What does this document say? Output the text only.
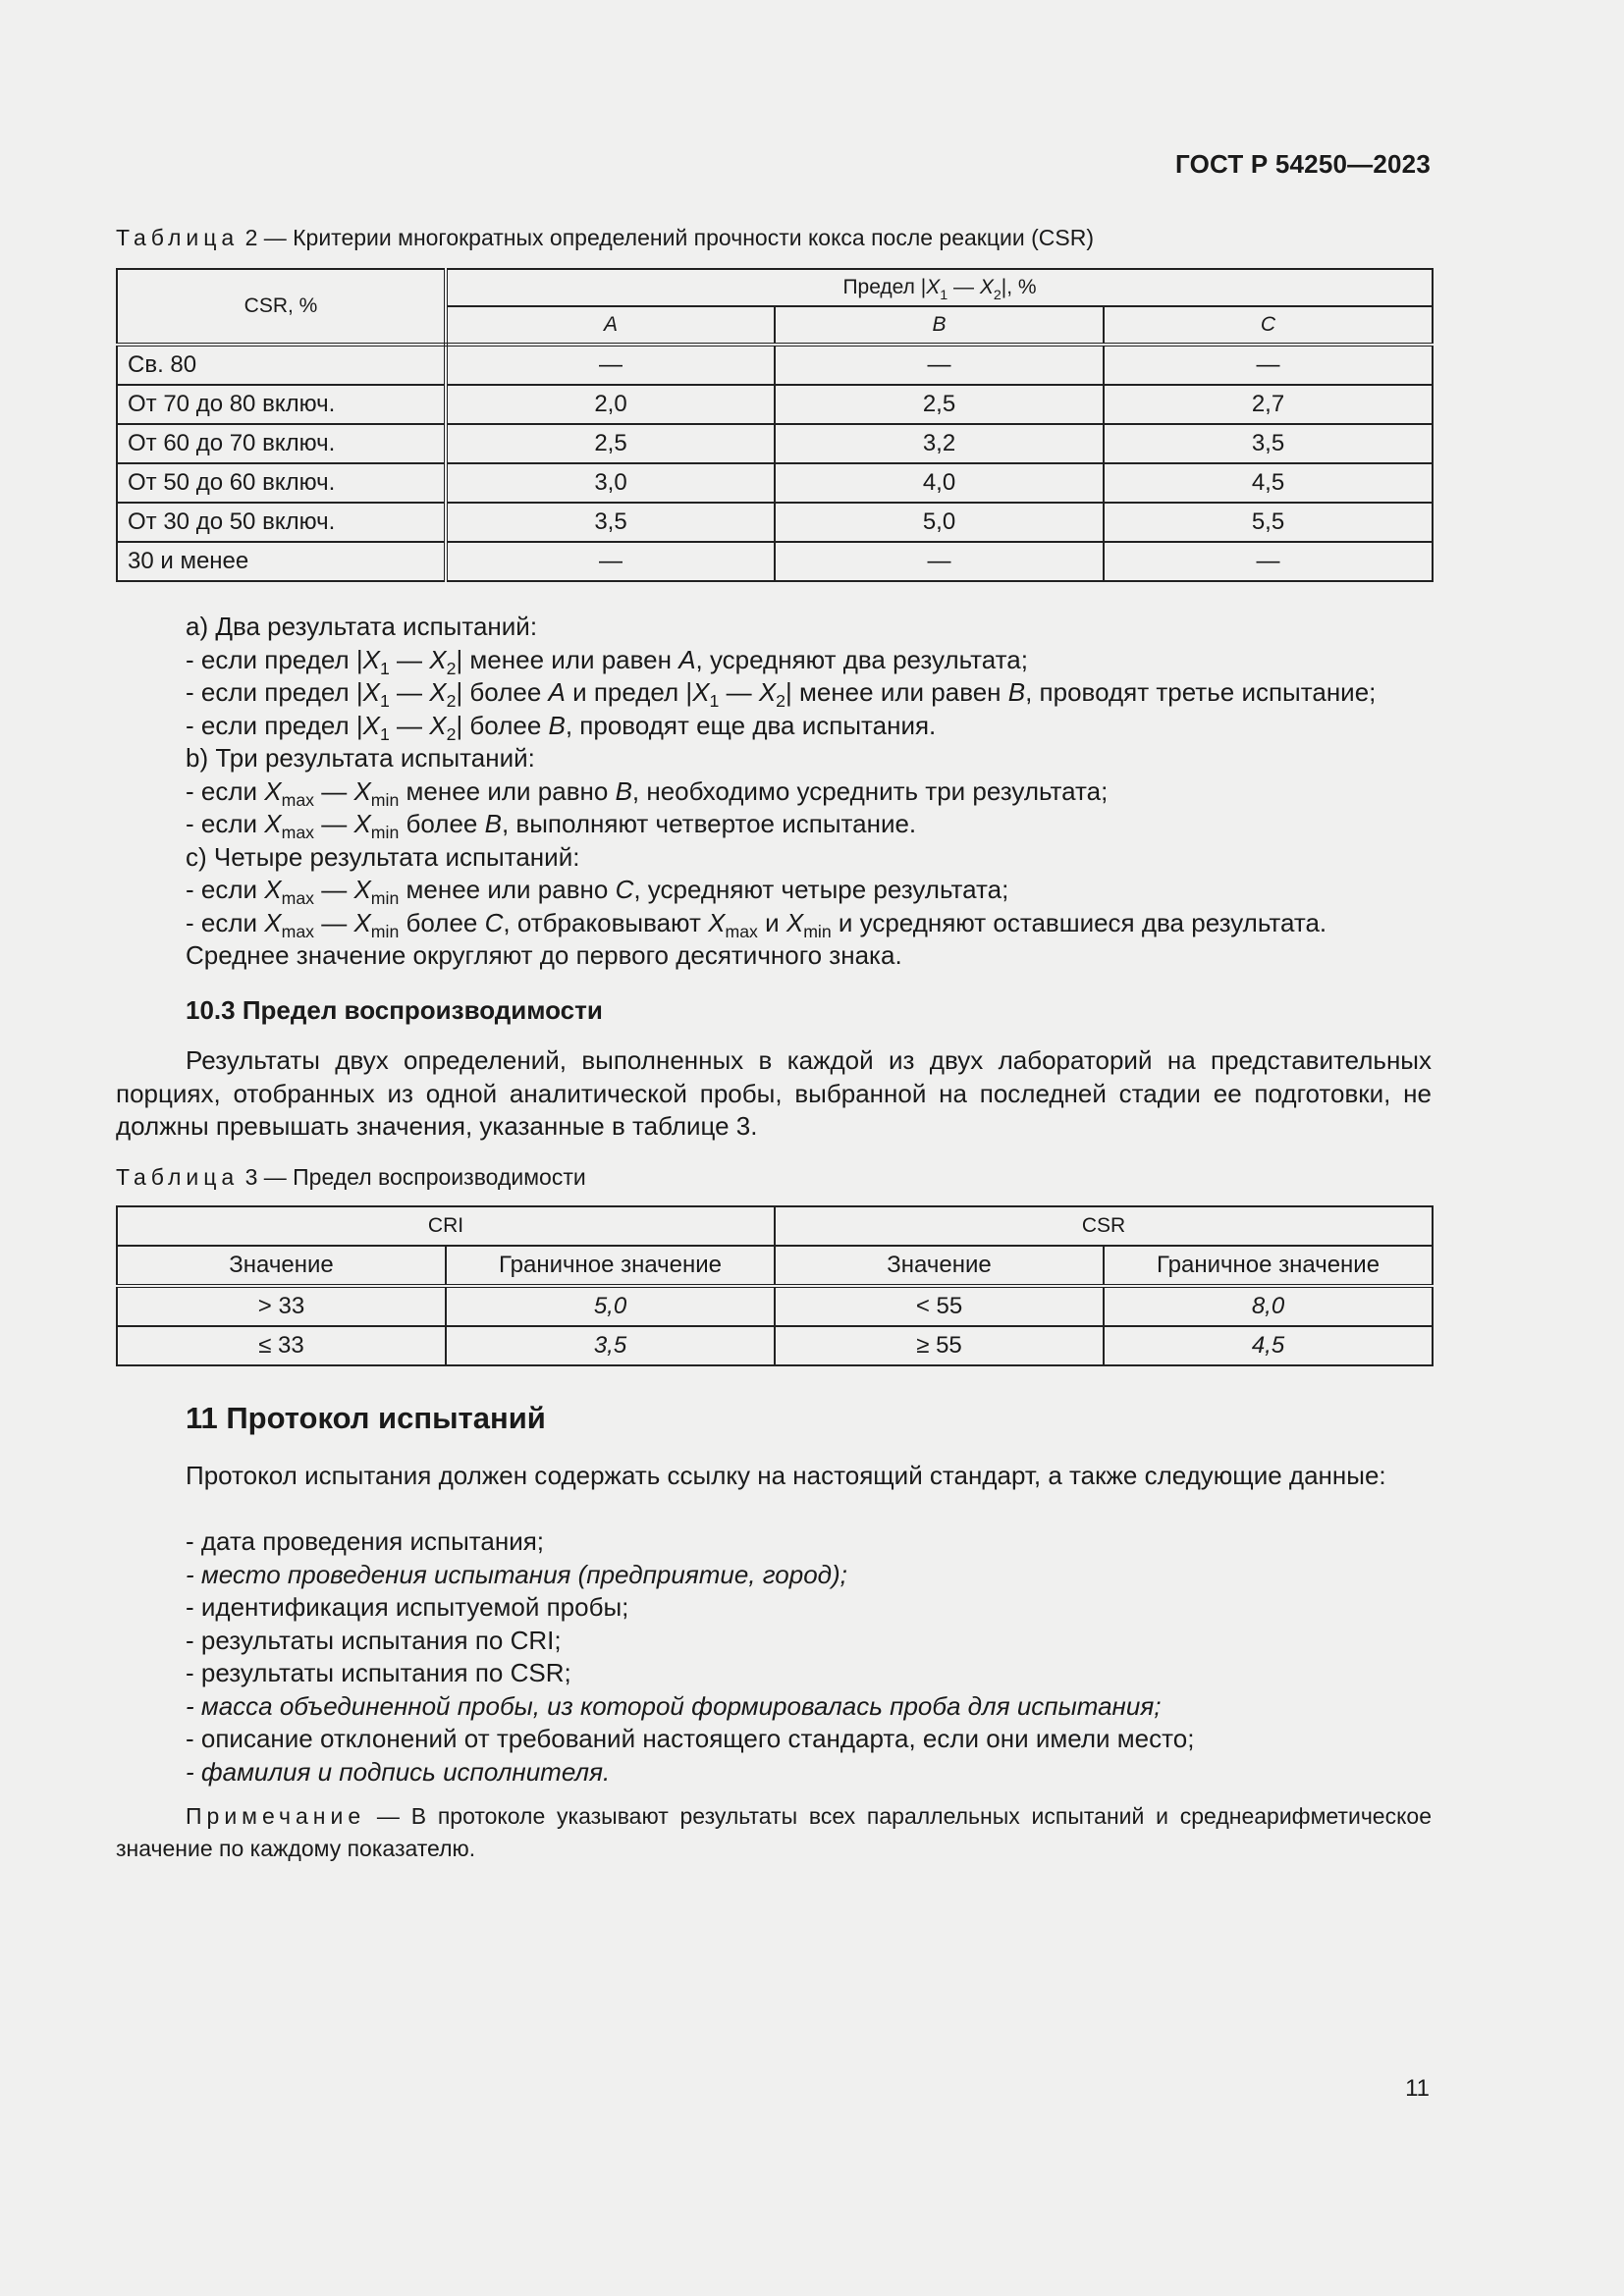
ГОСТ Р 54250—2023
Таблица 2 — Критерии многократных определений прочности кокса после реакции (CSR)
CSR, %	Предел $|X_1$ — $X_2|$, %		
	A	B	C
Св. 80	—	—	—
От 70 до 80 включ.	2,0	2,5	2,7
От 60 до 70 включ.	2,5	3,2	3,5
От 50 до 60 включ.	3,0	4,0	4,5
От 30 до 50 включ.	3,5	5,0	5,5
30 и менее	—	—	—

а) Два результата испытаний:

- если предел $|X_1$ — $X_2|$ менее или равен A, усредняют два результата;

- если предел $|X_1$ — $X_2|$ более A и предел $|X_1$ — $X_2|$ менее или равен B, проводят третье испытание;

- если предел $|X_1$ — $X_2|$ более B, проводят еще два испытания.

b) Три результата испытаний:

- если $X_{max}$ — $X_{min}$ менее или равно B, необходимо усреднить три результата;

- если $X_{max}$ — $X_{min}$ более B, выполняют четвертое испытание.

c) Четыре результата испытаний:

- если $X_{max}$ — $X_{min}$ менее или равно C, усредняют четыре результата;

- если $X_{max}$ — $X_{min}$ более C, отбраковывают $X_{max}$ и $X_{min}$ и усредняют оставшиеся два результата.

Среднее значение округляют до первого десятичного знака.

10.3 Предел воспроизводимости
Результаты двух определений, выполненных в каждой из двух лабораторий на представительных порциях, отобранных из одной аналитической пробы, выбранной на последней стадии ее подготовки, не должны превышать значения, указанные в таблице 3.
Таблица 3 — Предел воспроизводимости
CRI		CSR	
Значение	Граничное значение	Значение	Граничное значение
> 33	5,0	< 55	8,0
≤ 33	3,5	≥ 55	4,5
11 Протокол испытаний
Протокол испытания должен содержать ссылку на настоящий стандарт, а также следующие данные:

- дата проведения испытания;

- место проведения испытания (предприятие, город);

- идентификация испытуемой пробы;

- результаты испытания по CRI;

- результаты испытания по CSR;

- масса объединенной пробы, из которой формировалась проба для испытания;

- описание отклонений от требований настоящего стандарта, если они имели место;

- фамилия и подпись исполнителя.

Примечание — В протоколе указывают результаты всех параллельных испытаний и среднеарифметическое значение по каждому показателю.
11
